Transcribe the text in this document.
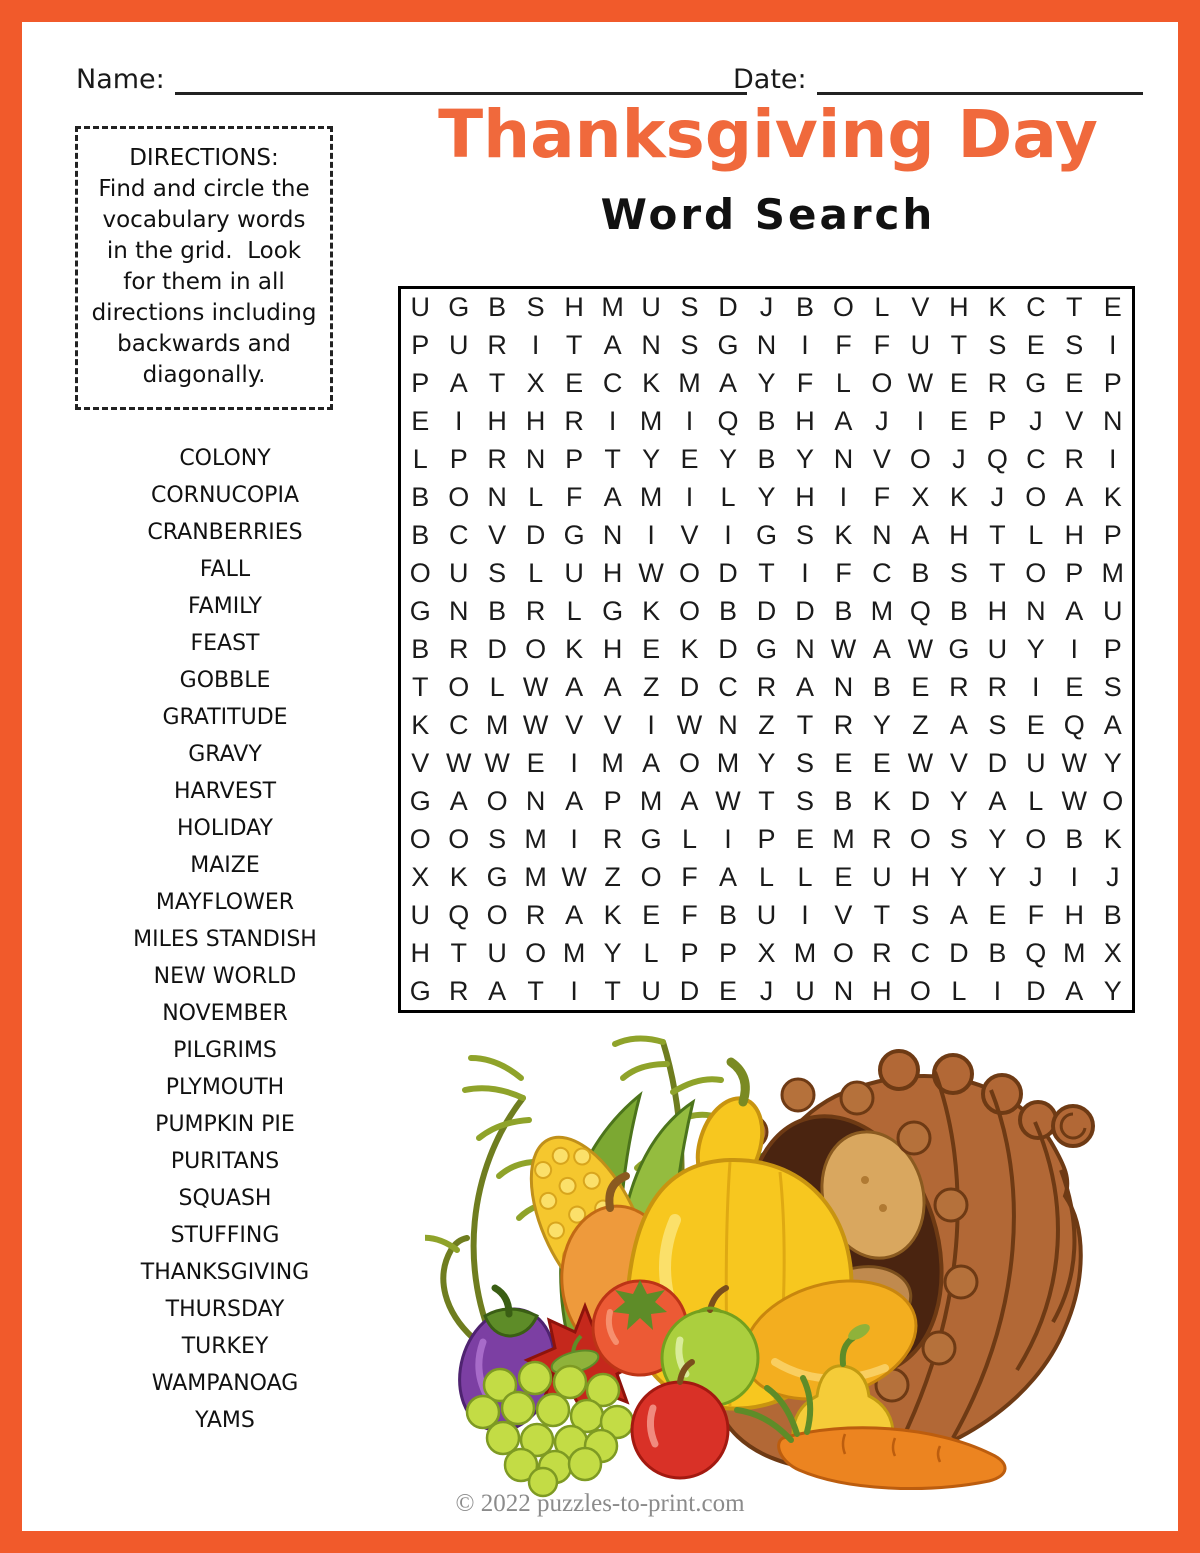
Name:	Date:
Thanksgiving Day
Word Search
DIRECTIONS:
Find and circle the
vocabulary words
in the grid.  Look
for them in all
directions including
backwards and
diagonally.
COLONY
CORNUCOPIA
CRANBERRIES
FALL
FAMILY
FEAST
GOBBLE
GRATITUDE
GRAVY
HARVEST
HOLIDAY
MAIZE
MAYFLOWER
MILES STANDISH
NEW WORLD
NOVEMBER
PILGRIMS
PLYMOUTH
PUMPKIN PIE
PURITANS
SQUASH
STUFFING
THANKSGIVING
THURSDAY
TURKEY
WAMPANOAG
YAMS
U G B S H M U S D J B O L V H K C T E
P U R I T A N S G N I F F U T S E S I
P A T X E C K M A Y F L O W E R G E P
E I H H R I M I Q B H A J	I E P J V N
L P R N P T Y E Y B Y N V O J Q C R I
B O N L F A M I	L Y H I F X K J O A K
B C V D G N I V I G S K N A H T L H P
O U S L U H W O D T I F C B S T O P M
G N B R L G K O B D D B M Q B H N A U
B R D O K H E K D G N W A W G U Y I P
T O L W A A Z D C R A N B E R R I E S
K C M W V V I W N Z T R Y Z A S E Q A
V W W E I M A O M Y S E E W V D U W Y
G A O N A P M A W T S B K D Y A L W O
O O S M I R G L	I P E M R O S Y O B K
X K G M W Z O F A L L E U H Y Y J	I	J
U Q O R A K E F B U I V T S A E F H B
H T U O M Y L P P X M O R C D B Q M X
G R A T I T U D E J U N H O L	I D A Y
© 2022 puzzles-to-print.com
